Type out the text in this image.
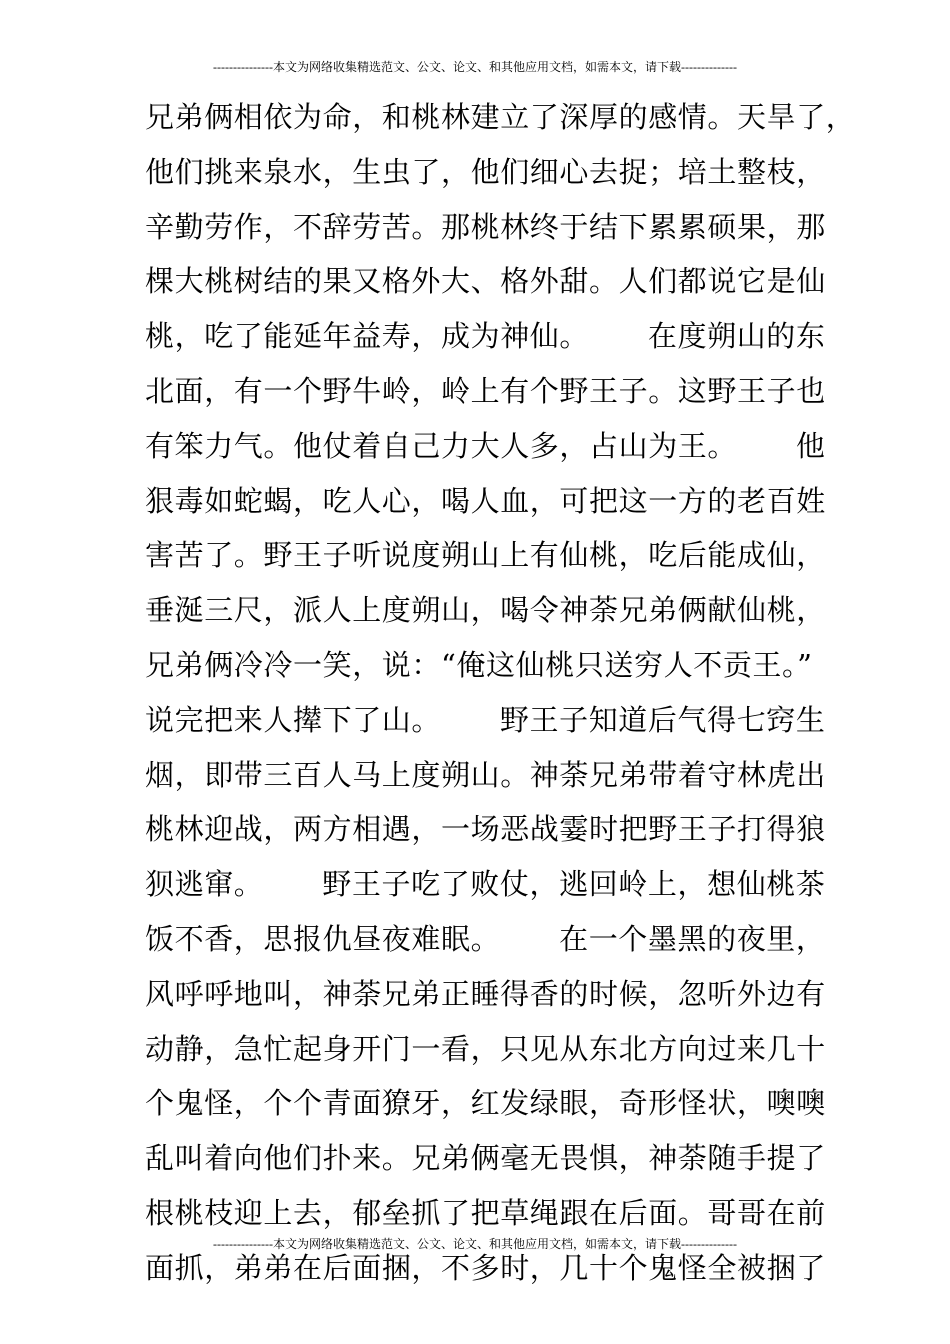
---------------本文为网络收集精选范文、公文、论文、和其他应用文档，如需本文，请下载--------------
兄弟俩相依为命，和桃林建立了深厚的感情。天旱了，
他们挑来泉水，生虫了，他们细心去捉；培土整枝，
辛勤劳作，不辞劳苦。那桃林终于结下累累硕果，那
棵大桃树结的果又格外大、格外甜。人们都说它是仙
桃，吃了能延年益寿，成为神仙。      在度朔山的东
北面，有一个野牛岭，岭上有个野王子。这野王子也
有笨力气。他仗着自己力大人多，占山为王。      他
狠毒如蛇蝎，吃人心，喝人血，可把这一方的老百姓
害苦了。野王子听说度朔山上有仙桃，吃后能成仙，
垂涎三尺，派人上度朔山，喝令神荼兄弟俩献仙桃，
兄弟俩冷冷一笑，说：“俺这仙桃只送穷人不贡王。”
说完把来人撵下了山。      野王子知道后气得七窍生
烟，即带三百人马上度朔山。神荼兄弟带着守林虎出
桃林迎战，两方相遇，一场恶战霎时把野王子打得狼
狈逃窜。      野王子吃了败仗，逃回岭上，想仙桃茶
饭不香，思报仇昼夜难眠。      在一个墨黑的夜里，
风呼呼地叫，神荼兄弟正睡得香的时候，忽听外边有
动静，急忙起身开门一看，只见从东北方向过来几十
个鬼怪，个个青面獠牙，红发绿眼，奇形怪状，噢噢
乱叫着向他们扑来。兄弟俩毫无畏惧，神荼随手提了
根桃枝迎上去，郁垒抓了把草绳跟在后面。哥哥在前
面抓，弟弟在后面捆，不多时，几十个鬼怪全被捆了
---------------本文为网络收集精选范文、公文、论文、和其他应用文档，如需本文，请下载--------------
